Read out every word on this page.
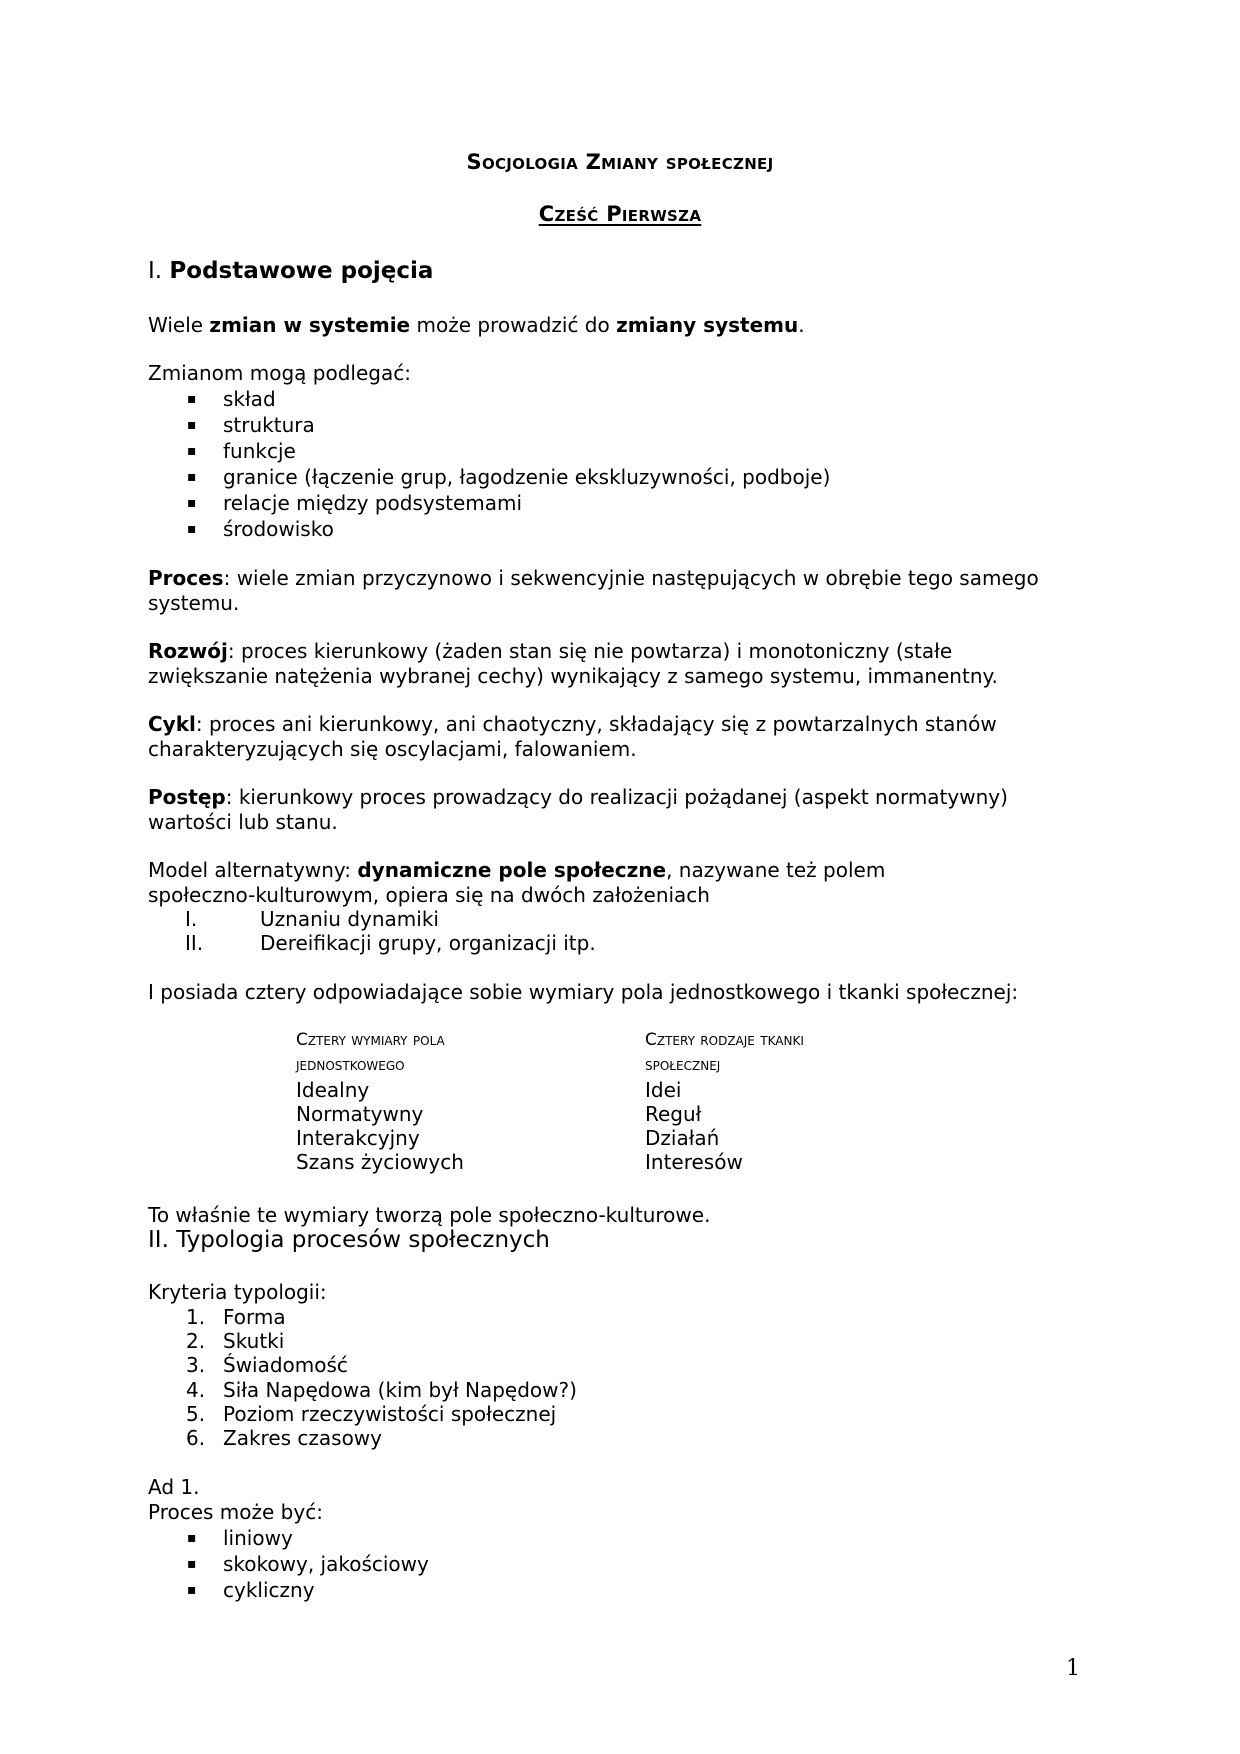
Socjologia Zmiany społecznej
Cześć Pierwsza
I. Podstawowe pojęcia
Wiele zmian w systemie może prowadzić do zmiany systemu.
Zmianom mogą podlegać:
▪ skład
▪ struktura
▪ funkcje
▪ granice (łączenie grup, łagodzenie ekskluzywności, podboje)
▪ relacje między podsystemami
▪ środowisko
Proces: wiele zmian przyczynowo i sekwencyjnie następujących w obrębie tego samego
systemu.
Rozwój: proces kierunkowy (żaden stan się nie powtarza) i monotoniczny (stałe
zwiększanie natężenia wybranej cechy) wynikający z samego systemu, immanentny.
Cykl: proces ani kierunkowy, ani chaotyczny, składający się z powtarzalnych stanów
charakteryzujących się oscylacjami, falowaniem.
Postęp: kierunkowy proces prowadzący do realizacji pożądanej (aspekt normatywny)
wartości lub stanu.
Model alternatywny: dynamiczne pole społeczne, nazywane też polem
społeczno-kulturowym, opiera się na dwóch założeniach
I.	Uznaniu dynamiki
II.	Dereifikacji grupy, organizacji itp.
I posiada cztery odpowiadające sobie wymiary pola jednostkowego i tkanki społecznej:
Cztery wymiary pola
jednostkowego
Cztery rodzaje tkanki
społecznej
Idealny
Normatywny
Interakcyjny
Szans życiowych
Idei
Reguł
Działań
Interesów
To właśnie te wymiary tworzą pole społeczno-kulturowe.
II. Typologia procesów społecznych
Kryteria typologii:
1. Forma
2. Skutki
3. Świadomość
4. Siła Napędowa (kim był Napędow?)
5. Poziom rzeczywistości społecznej
6. Zakres czasowy
Ad 1.
Proces może być:
▪ liniowy
▪ skokowy, jakościowy
▪ cykliczny
1
